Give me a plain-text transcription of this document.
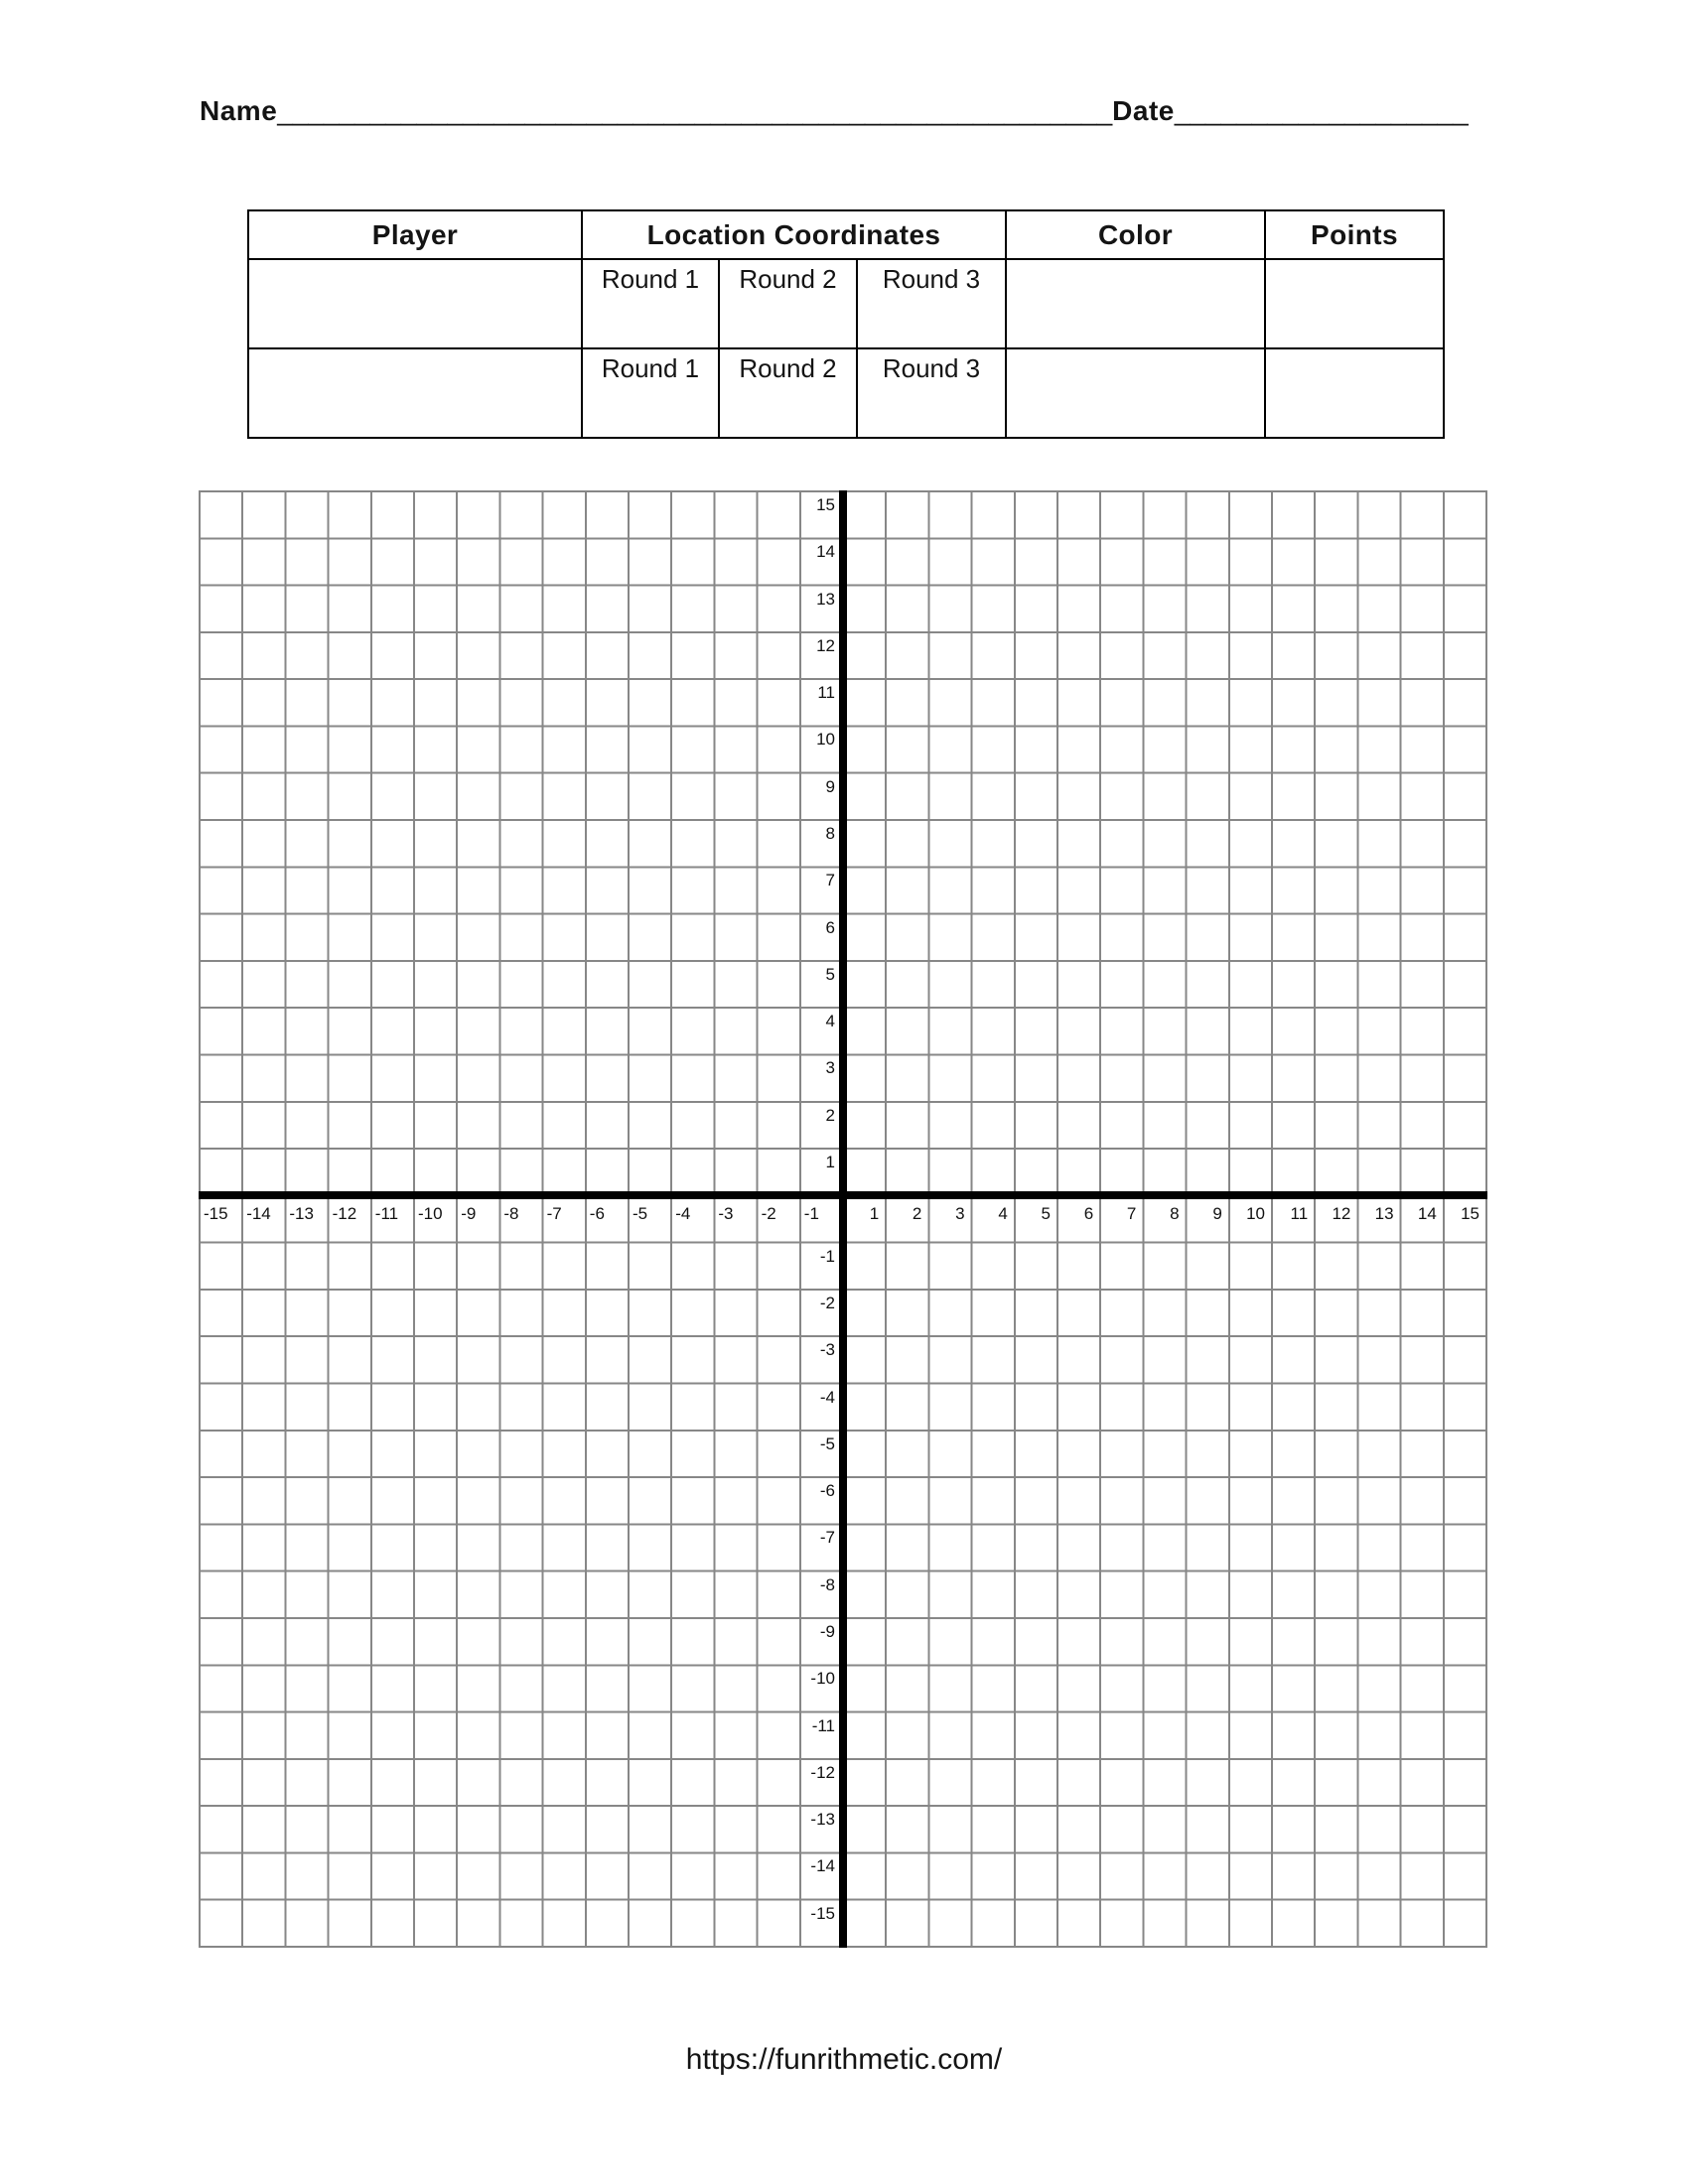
Name______________________________________________________Date___________________
Player	Location Coordinates			Color	Points
	Round 1	Round 2	Round 3		
	Round 1	Round 2	Round 3		
15
14
13
12
11
10
9
8
7
6
5
4
3
2
1
-1
-2
-3
-4
-5
-6
-7
-8
-9
-10
-11
-12
-13
-14
-15
-15	-14	-13	-12	-11	-10	-9	-8	-7	-6	-5	-4	-3	-2	-1	1	2	3	4	5	6	7	8	9	10	11	12	13	14	15
https://funrithmetic.com/
